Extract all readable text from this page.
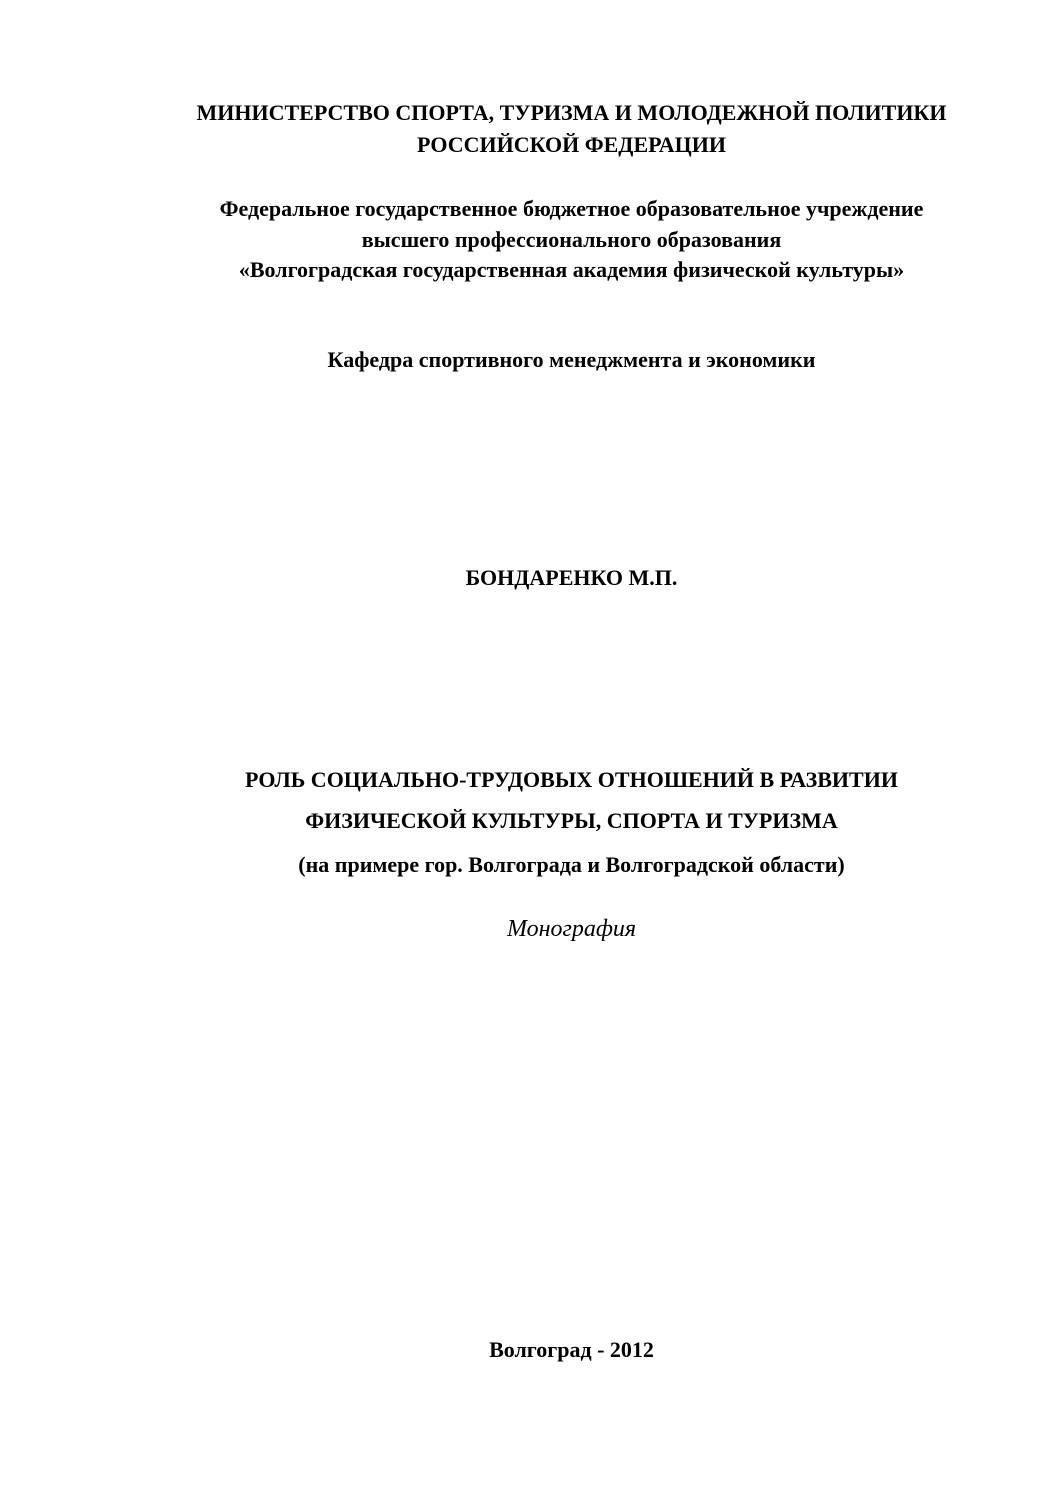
МИНИСТЕРСТВО СПОРТА, ТУРИЗМА И МОЛОДЕЖНОЙ ПОЛИТИКИ
РОССИЙСКОЙ ФЕДЕРАЦИИ
Федеральное государственное бюджетное образовательное учреждение
высшего профессионального образования
«Волгоградская государственная академия физической культуры»
Кафедра спортивного менеджмента и экономики
БОНДАРЕНКО М.П.
РОЛЬ СОЦИАЛЬНО-ТРУДОВЫХ ОТНОШЕНИЙ В РАЗВИТИИ
ФИЗИЧЕСКОЙ КУЛЬТУРЫ, СПОРТА И ТУРИЗМА
(на примере гор. Волгограда и Волгоградской области)
Монография
Волгоград - 2012
